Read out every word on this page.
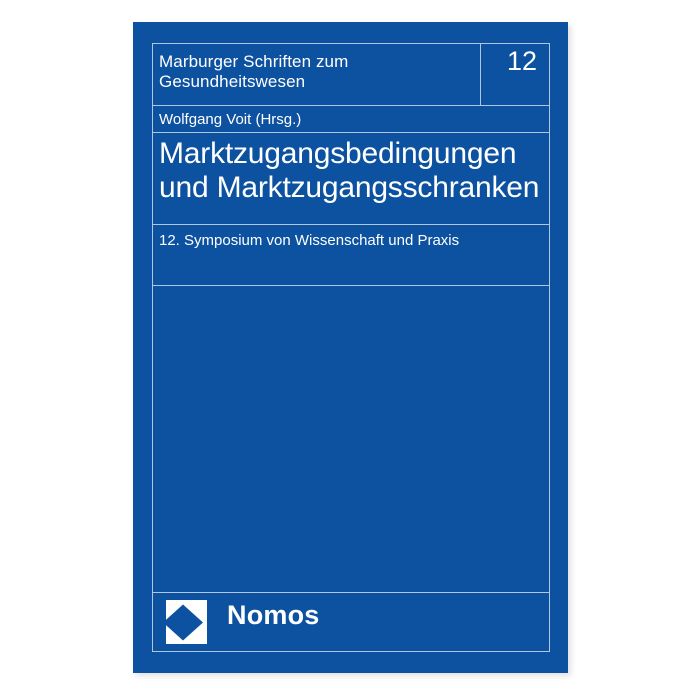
Marburger Schriften zum Gesundheitswesen
12
Wolfgang Voit (Hrsg.)
Marktzugangsbedingungen
und Marktzugangsschranken
12. Symposium von Wissenschaft und Praxis
Nomos
